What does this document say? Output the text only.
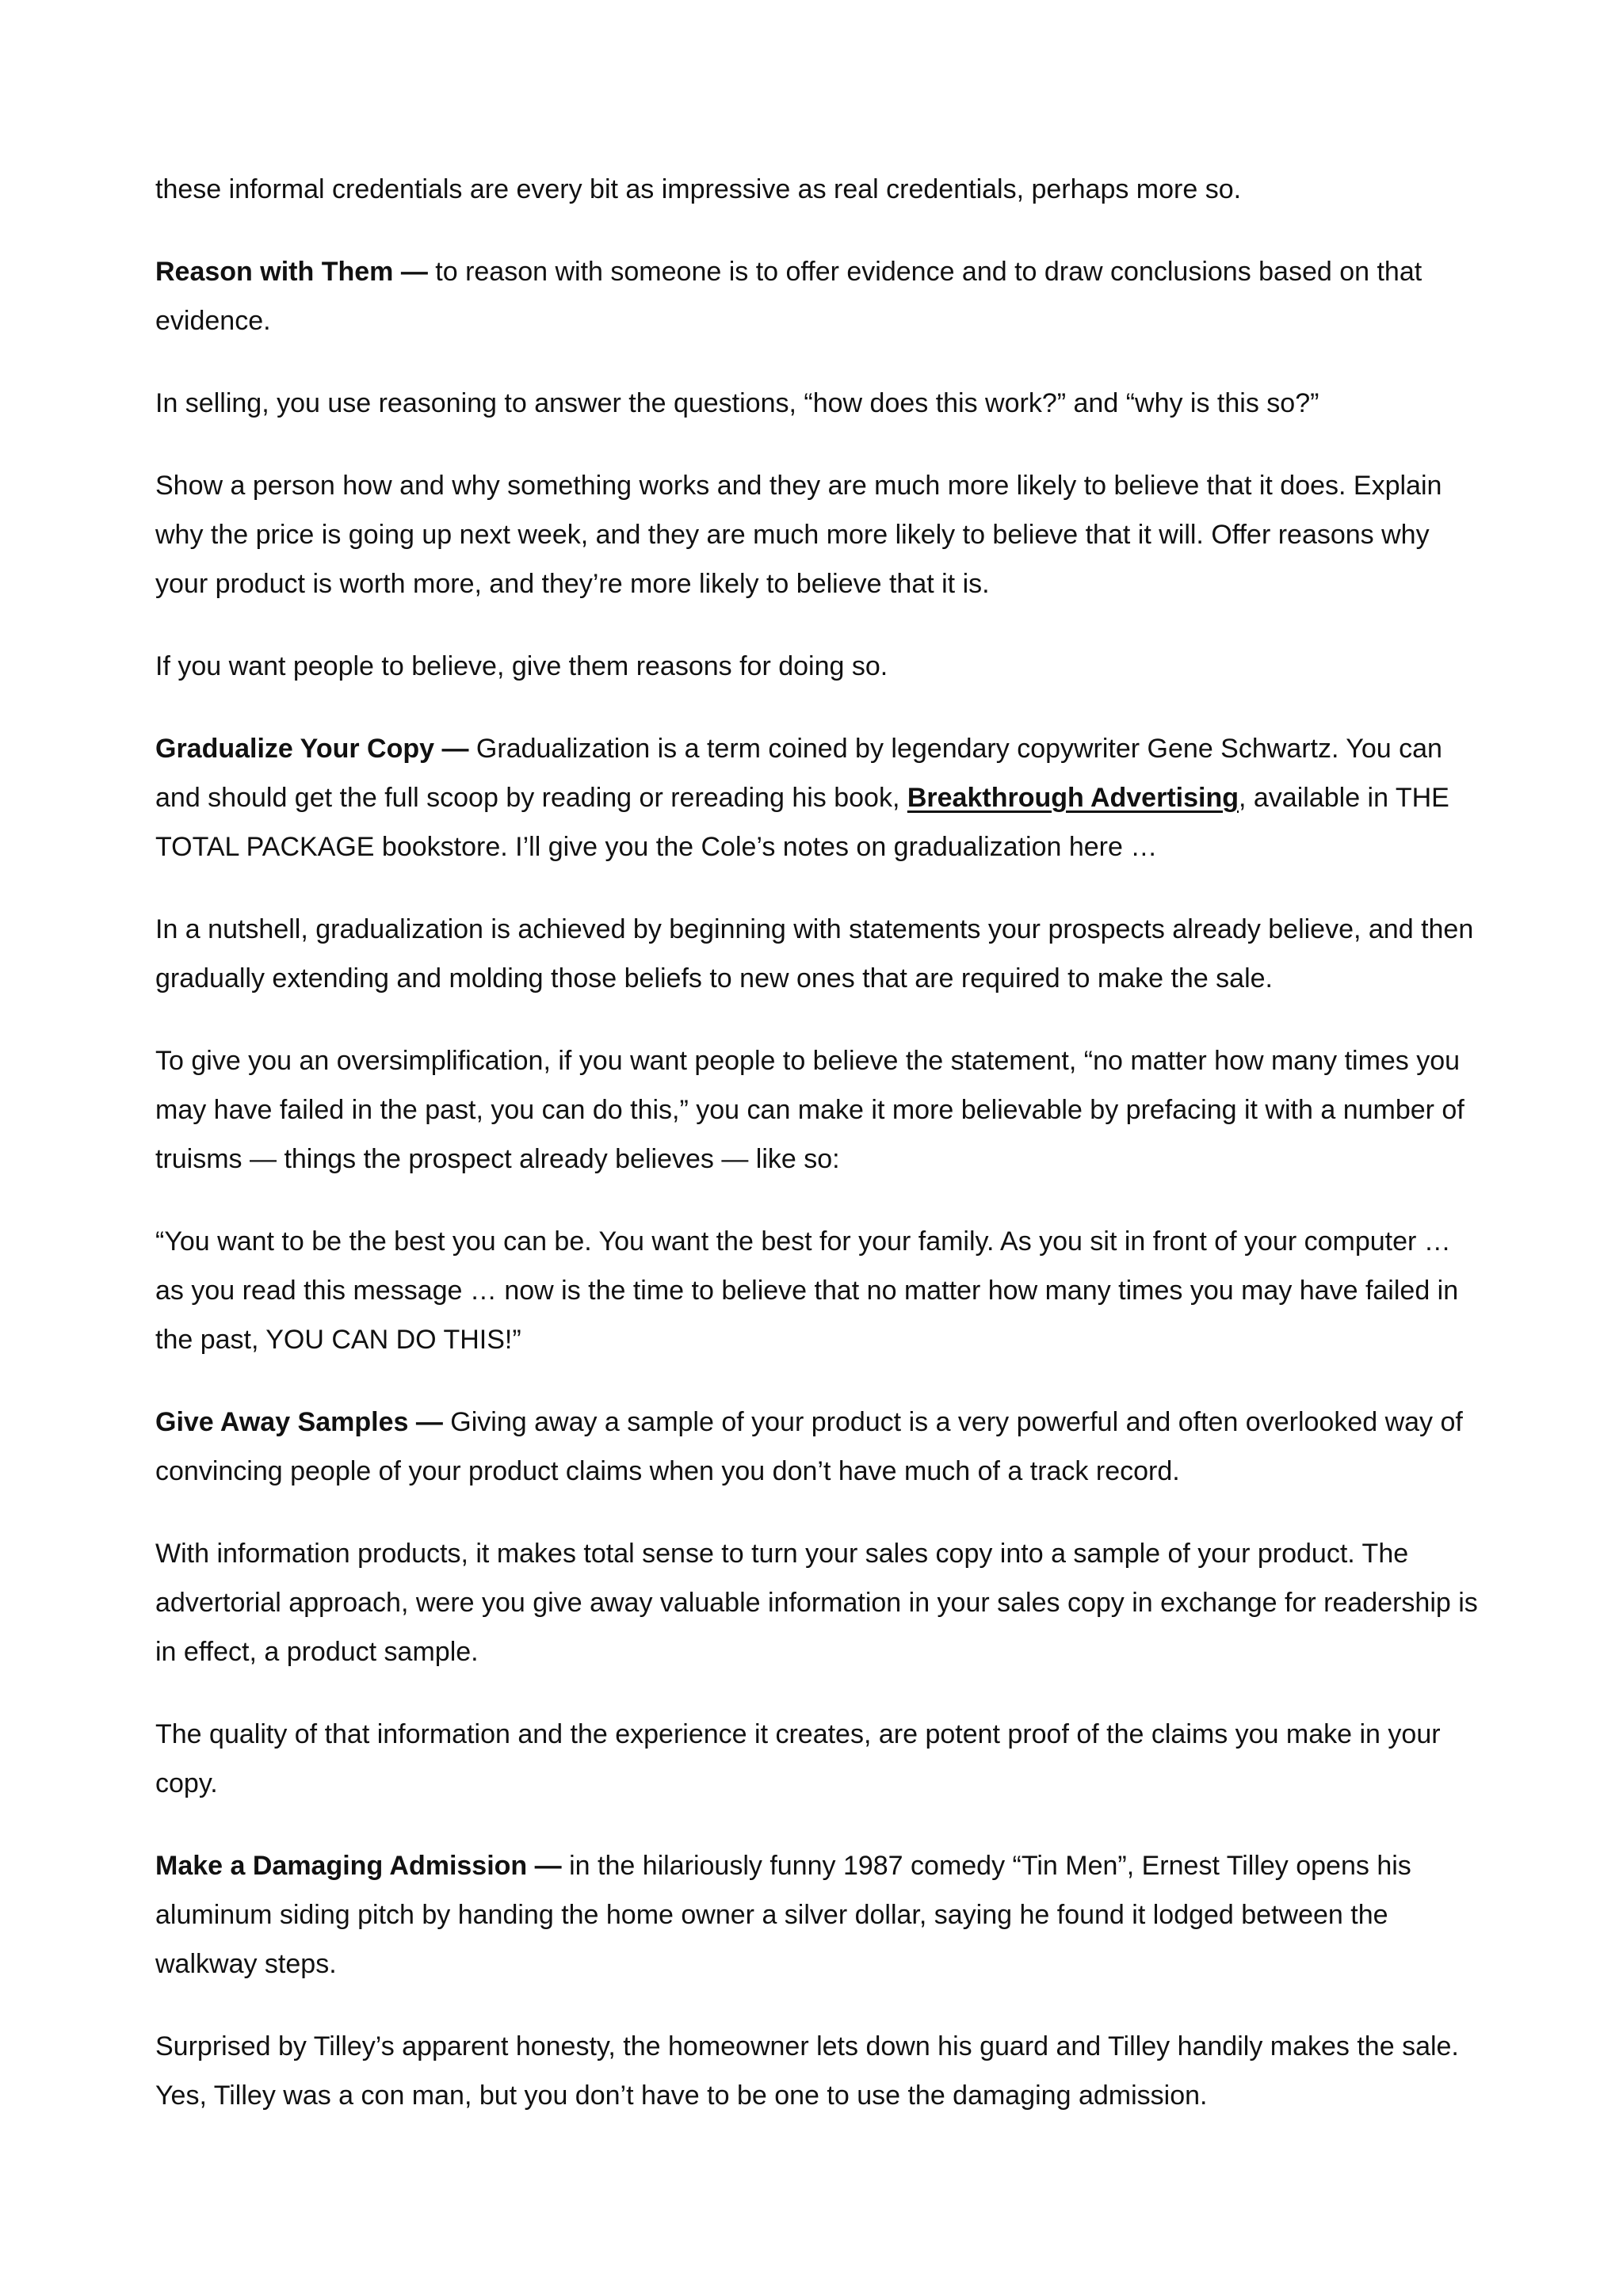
these informal credentials are every bit as impressive as real credentials, perhaps more so.

Reason with Them — to reason with someone is to offer evidence and to draw conclusions based on that evidence.

In selling, you use reasoning to answer the questions, “how does this work?” and “why is this so?”

Show a person how and why something works and they are much more likely to believe that it does. Explain why the price is going up next week, and they are much more likely to believe that it will. Offer reasons why your product is worth more, and they’re more likely to believe that it is.

If you want people to believe, give them reasons for doing so.

Gradualize Your Copy — Gradualization is a term coined by legendary copywriter Gene Schwartz. You can and should get the full scoop by reading or rereading his book, Breakthrough Advertising, available in THE TOTAL PACKAGE bookstore. I’ll give you the Cole’s notes on gradualization here …

In a nutshell, gradualization is achieved by beginning with statements your prospects already believe, and then gradually extending and molding those beliefs to new ones that are required to make the sale.

To give you an oversimplification, if you want people to believe the statement, “no matter how many times you may have failed in the past, you can do this,” you can make it more believable by prefacing it with a number of truisms — things the prospect already believes — like so:

“You want to be the best you can be. You want the best for your family. As you sit in front of your computer … as you read this message … now is the time to believe that no matter how many times you may have failed in the past, YOU CAN DO THIS!”

Give Away Samples — Giving away a sample of your product is a very powerful and often overlooked way of convincing people of your product claims when you don’t have much of a track record.

With information products, it makes total sense to turn your sales copy into a sample of your product. The advertorial approach, were you give away valuable information in your sales copy in exchange for readership is in effect, a product sample.

The quality of that information and the experience it creates, are potent proof of the claims you make in your copy.

Make a Damaging Admission — in the hilariously funny 1987 comedy “Tin Men”, Ernest Tilley opens his aluminum siding pitch by handing the home owner a silver dollar, saying he found it lodged between the walkway steps.

Surprised by Tilley’s apparent honesty, the homeowner lets down his guard and Tilley handily makes the sale. Yes, Tilley was a con man, but you don’t have to be one to use the damaging admission.
